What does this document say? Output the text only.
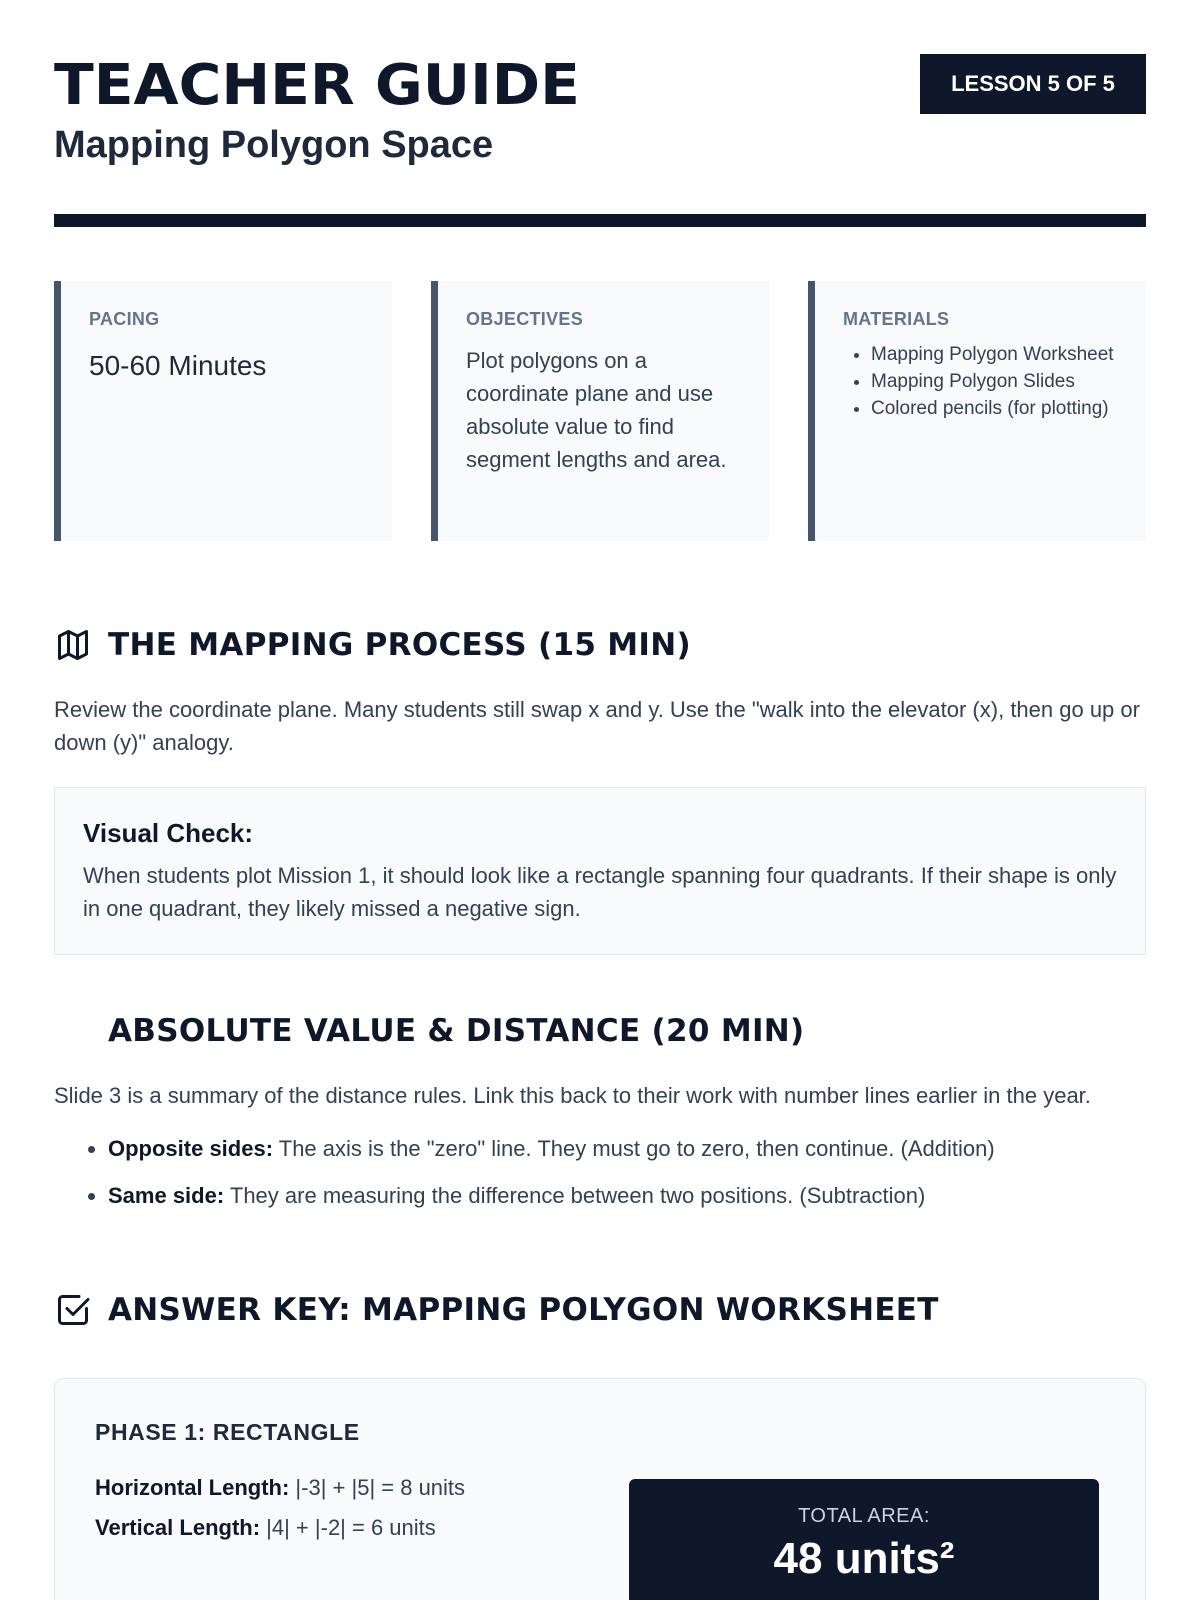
TEACHER GUIDE
Mapping Polygon Space
LESSON 5 OF 5
PACING
50-60 Minutes
OBJECTIVES
Plot polygons on a coordinate plane and use absolute value to find segment lengths and area.
MATERIALS
• Mapping Polygon Worksheet
• Mapping Polygon Slides
• Colored pencils (for plotting)
THE MAPPING PROCESS (15 MIN)

Review the coordinate plane. Many students still swap x and y. Use the "walk into the elevator (x), then go up or down (y)" analogy.

Visual Check:
When students plot Mission 1, it should look like a rectangle spanning four quadrants. If their shape is only in one quadrant, they likely missed a negative sign.
ABSOLUTE VALUE & DISTANCE (20 MIN)

Slide 3 is a summary of the distance rules. Link this back to their work with number lines earlier in the year.

• Opposite sides: The axis is the "zero" line. They must go to zero, then continue. (Addition)
• Same side: They are measuring the difference between two positions. (Subtraction)
ANSWER KEY: MAPPING POLYGON WORKSHEET
PHASE 1: RECTANGLE
Horizontal Length: |-3| + |5| = 8 units
Vertical Length: |4| + |-2| = 6 units	TOTAL AREA:
48 units²
